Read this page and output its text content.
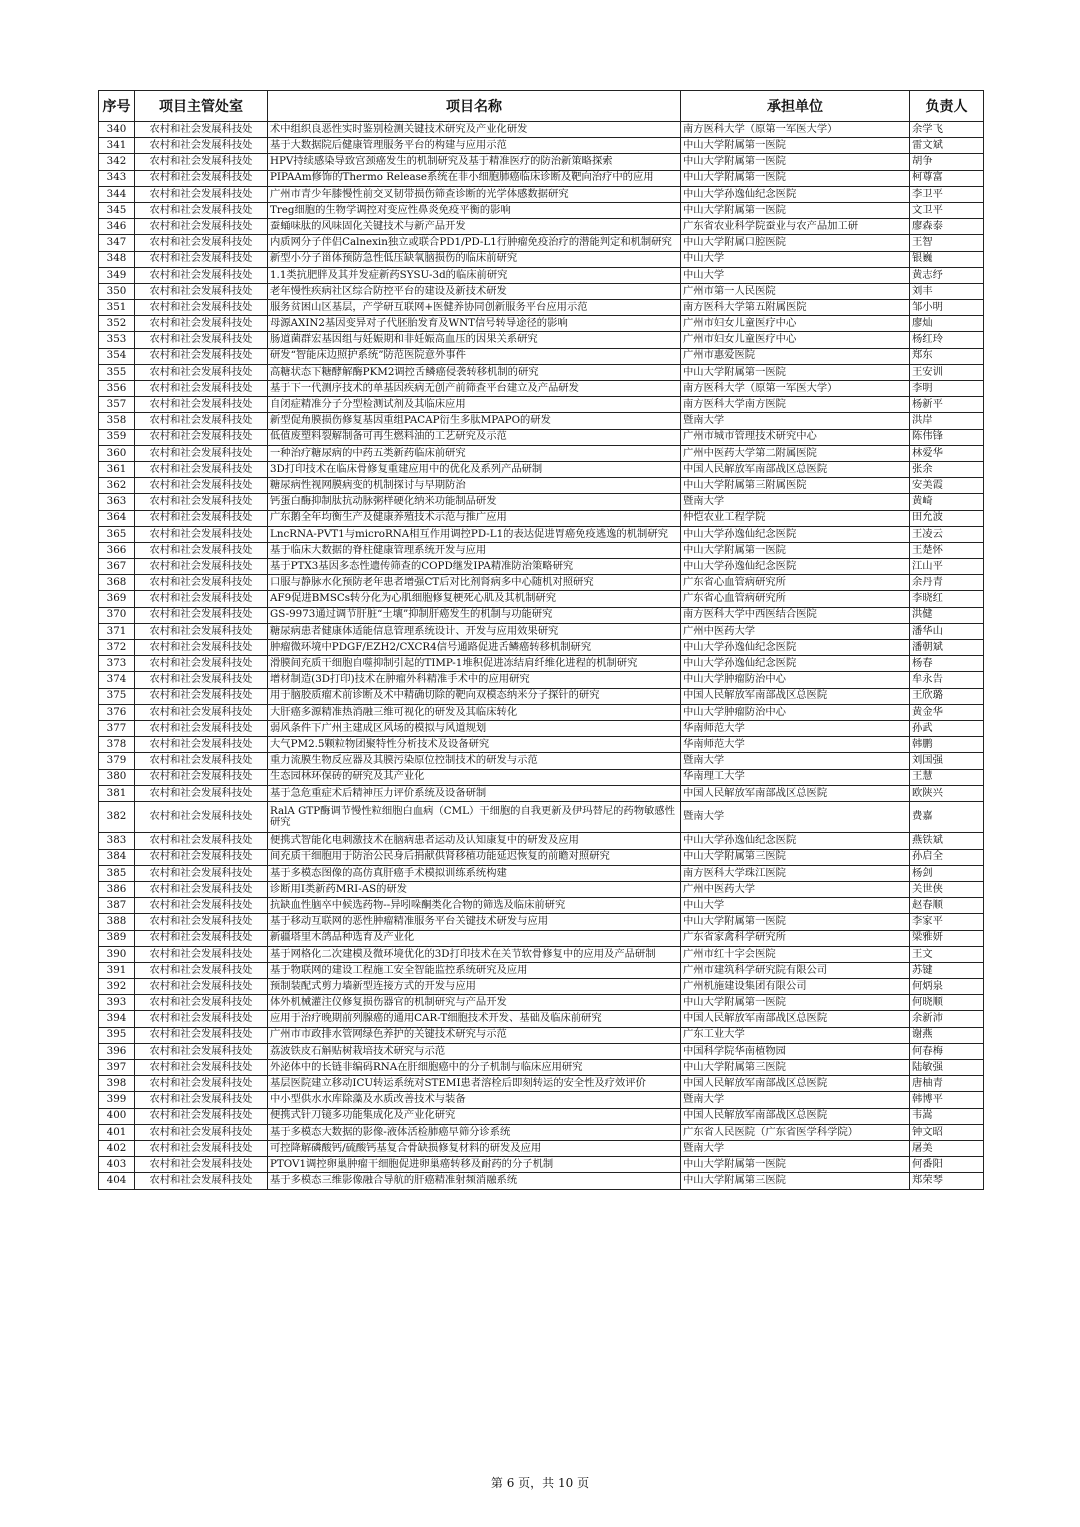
序号	项目主管处室	项目名称	承担单位	负责人
340	农村和社会发展科技处	术中组织良恶性实时鉴别检测关键技术研究及产业化研发	南方医科大学（原第一军医大学）	余学飞
341	农村和社会发展科技处	基于大数据院后健康管理服务平台的构建与应用示范	中山大学附属第一医院	雷文斌
342	农村和社会发展科技处	HPV持续感染导致宫颈癌发生的机制研究及基于精准医疗的防治新策略探索	中山大学附属第一医院	胡争
343	农村和社会发展科技处	PIPAAm修饰的Thermo Release系统在非小细胞肺癌临床诊断及靶向治疗中的应用	中山大学附属第一医院	柯尊富
344	农村和社会发展科技处	广州市青少年膝慢性前交叉韧带损伤筛查诊断的光学体感数据研究	中山大学孙逸仙纪念医院	李卫平
345	农村和社会发展科技处	Treg细胞的生物学调控对变应性鼻炎免疫平衡的影响	中山大学附属第一医院	文卫平
346	农村和社会发展科技处	蚕蛹味肽的风味固化关键技术与新产品开发	广东省农业科学院蚕业与农产品加工研	廖森泰
347	农村和社会发展科技处	内质网分子伴侣Calnexin独立或联合PD1/PD-L1行肿瘤免疫治疗的潜能判定和机制研究	中山大学附属口腔医院	王智
348	农村和社会发展科技处	新型小分子甾体预防急性低压缺氧脑损伤的临床前研究	中山大学	银巍
349	农村和社会发展科技处	1.1类抗肥胖及其并发症新药SYSU-3d的临床前研究	中山大学	黄志纾
350	农村和社会发展科技处	老年慢性疾病社区综合防控平台的建设及新技术研发	广州市第一人民医院	刘丰
351	农村和社会发展科技处	服务贫困山区基层，产学研互联网+医健养协同创新服务平台应用示范	南方医科大学第五附属医院	邹小明
352	农村和社会发展科技处	母源AXIN2基因变异对子代胚胎发育及WNT信号转导途径的影响	广州市妇女儿童医疗中心	廖灿
353	农村和社会发展科技处	肠道菌群宏基因组与妊娠期和非妊娠高血压的因果关系研究	广州市妇女儿童医疗中心	杨红玲
354	农村和社会发展科技处	研发“智能床边照护系统”防范医院意外事件	广州市惠爱医院	郑东
355	农村和社会发展科技处	高糖状态下糖酵解酶PKM2调控舌鳞癌侵袭转移机制的研究	中山大学附属第一医院	王安训
356	农村和社会发展科技处	基于下一代测序技术的单基因疾病无创产前筛查平台建立及产品研发	南方医科大学（原第一军医大学）	李明
357	农村和社会发展科技处	自闭症精准分子分型检测试剂及其临床应用	南方医科大学南方医院	杨新平
358	农村和社会发展科技处	新型促角膜损伤修复基因重组PACAP衍生多肽MPAPO的研发	暨南大学	洪岸
359	农村和社会发展科技处	低值废塑料裂解制备可再生燃料油的工艺研究及示范	广州市城市管理技术研究中心	陈伟锋
360	农村和社会发展科技处	一种治疗糖尿病的中药五类新药临床前研究	广州中医药大学第二附属医院	林爱华
361	农村和社会发展科技处	3D打印技术在临床骨修复重建应用中的优化及系列产品研制	中国人民解放军南部战区总医院	张余
362	农村和社会发展科技处	糖尿病性视网膜病变的机制探讨与早期防治	中山大学附属第三附属医院	安美霞
363	农村和社会发展科技处	钙蛋白酶抑制肽抗动脉粥样硬化纳米功能制品研发	暨南大学	黄崎
364	农村和社会发展科技处	广东鹅全年均衡生产及健康养殖技术示范与推广应用	仲恺农业工程学院	田允波
365	农村和社会发展科技处	LncRNA-PVT1与microRNA相互作用调控PD-L1的表达促进胃癌免疫逃逸的机制研究	中山大学孙逸仙纪念医院	王凌云
366	农村和社会发展科技处	基于临床大数据的脊柱健康管理系统开发与应用	中山大学附属第一医院	王楚怀
367	农村和社会发展科技处	基于PTX3基因多态性遗传筛查的COPD继发IPA精准防治策略研究	中山大学孙逸仙纪念医院	江山平
368	农村和社会发展科技处	口服与静脉水化预防老年患者增强CT后对比剂肾病多中心随机对照研究	广东省心血管病研究所	余丹青
369	农村和社会发展科技处	AF9促进BMSCs转分化为心肌细胞修复梗死心肌及其机制研究	广东省心血管病研究所	李晓红
370	农村和社会发展科技处	GS-9973通过调节肝脏“土壤”抑制肝癌发生的机制与功能研究	南方医科大学中西医结合医院	洪健
371	农村和社会发展科技处	糖尿病患者健康体适能信息管理系统设计、开发与应用效果研究	广州中医药大学	潘华山
372	农村和社会发展科技处	肿瘤微环境中PDGF/EZH2/CXCR4信号通路促进舌鳞癌转移机制研究	中山大学孙逸仙纪念医院	潘朝斌
373	农村和社会发展科技处	滑膜间充质干细胞自噬抑制引起的TIMP-1堆积促进冻结肩纤维化进程的机制研究	中山大学孙逸仙纪念医院	杨春
374	农村和社会发展科技处	增材制造(3D打印)技术在肿瘤外科精准手术中的应用研究	中山大学肿瘤防治中心	牟永告
375	农村和社会发展科技处	用于脑胶质瘤术前诊断及术中精确切除的靶向双模态纳米分子探针的研究	中国人民解放军南部战区总医院	王欣璐
376	农村和社会发展科技处	大肝癌多源精准热消融三维可视化的研发及其临床转化	中山大学肿瘤防治中心	黄金华
377	农村和社会发展科技处	弱风条件下广州主建成区风场的模拟与风道规划	华南师范大学	孙武
378	农村和社会发展科技处	大气PM2.5颗粒物团聚特性分析技术及设备研究	华南师范大学	韩鹏
379	农村和社会发展科技处	重力流膜生物反应器及其膜污染原位控制技术的研发与示范	暨南大学	刘国强
380	农村和社会发展科技处	生态园林环保砖的研究及其产业化	华南理工大学	王慧
381	农村和社会发展科技处	基于急危重症术后精神压力评价系统及设备研制	中国人民解放军南部战区总医院	欧陕兴
382	农村和社会发展科技处	RalA GTP酶调节慢性粒细胞白血病（CML）干细胞的自我更新及伊玛替尼的药物敏感性研究	暨南大学	费嘉
383	农村和社会发展科技处	便携式智能化电刺激技术在脑病患者运动及认知康复中的研发及应用	中山大学孙逸仙纪念医院	燕铁斌
384	农村和社会发展科技处	间充质干细胞用于防治公民身后捐献供肾移植功能延迟恢复的前瞻对照研究	中山大学附属第三医院	孙启全
385	农村和社会发展科技处	基于多模态图像的高仿真肝癌手术模拟训练系统构建	南方医科大学珠江医院	杨剑
386	农村和社会发展科技处	诊断用I类新药MRI-AS的研发	广州中医药大学	关世侠
387	农村和社会发展科技处	抗缺血性脑卒中候选药物--异吲哚酮类化合物的筛选及临床前研究	中山大学	赵春顺
388	农村和社会发展科技处	基于移动互联网的恶性肿瘤精准服务平台关键技术研发与应用	中山大学附属第一医院	李家平
389	农村和社会发展科技处	新疆塔里木鸽品种选育及产业化	广东省家禽科学研究所	梁雅妍
390	农村和社会发展科技处	基于网格化二次建模及微环境优化的3D打印技术在关节软骨修复中的应用及产品研制	广州市红十字会医院	王文
391	农村和社会发展科技处	基于物联网的建设工程施工安全智能监控系统研究及应用	广州市建筑科学研究院有限公司	苏键
392	农村和社会发展科技处	预制装配式剪力墙新型连接方式的开发与应用	广州机施建设集团有限公司	何炳泉
393	农村和社会发展科技处	体外机械灌注仪修复损伤器官的机制研究与产品开发	中山大学附属第一医院	何晓顺
394	农村和社会发展科技处	应用于治疗晚期前列腺癌的通用CAR-T细胞技术开发、基础及临床前研究	中国人民解放军南部战区总医院	余新沛
395	农村和社会发展科技处	广州市市政排水管网绿色养护的关键技术研究与示范	广东工业大学	谢燕
396	农村和社会发展科技处	荔波铁皮石斛贴树栽培技术研究与示范	中国科学院华南植物园	何春梅
397	农村和社会发展科技处	外泌体中的长链非编码RNA在肝细胞癌中的分子机制与临床应用研究	中山大学附属第三医院	陆敏强
398	农村和社会发展科技处	基层医院建立移动ICU转运系统对STEMI患者溶栓后即刻转运的安全性及疗效评价	中国人民解放军南部战区总医院	唐柚青
399	农村和社会发展科技处	中小型供水水库除藻及水质改善技术与装备	暨南大学	韩博平
400	农村和社会发展科技处	便携式针刀镜多功能集成化及产业化研究	中国人民解放军南部战区总医院	韦嵩
401	农村和社会发展科技处	基于多模态大数据的影像-液体活检肺癌早筛分诊系统	广东省人民医院（广东省医学科学院）	钟文昭
402	农村和社会发展科技处	可控降解磷酸钙/硫酸钙基复合骨缺损修复材料的研发及应用	暨南大学	屠美
403	农村和社会发展科技处	PTOV1调控卵巢肿瘤干细胞促进卵巢癌转移及耐药的分子机制	中山大学附属第一医院	何番阳
404	农村和社会发展科技处	基于多模态三维影像融合导航的肝癌精准射频消融系统	中山大学附属第三医院	郑荣琴
第 6 页，共 10 页
